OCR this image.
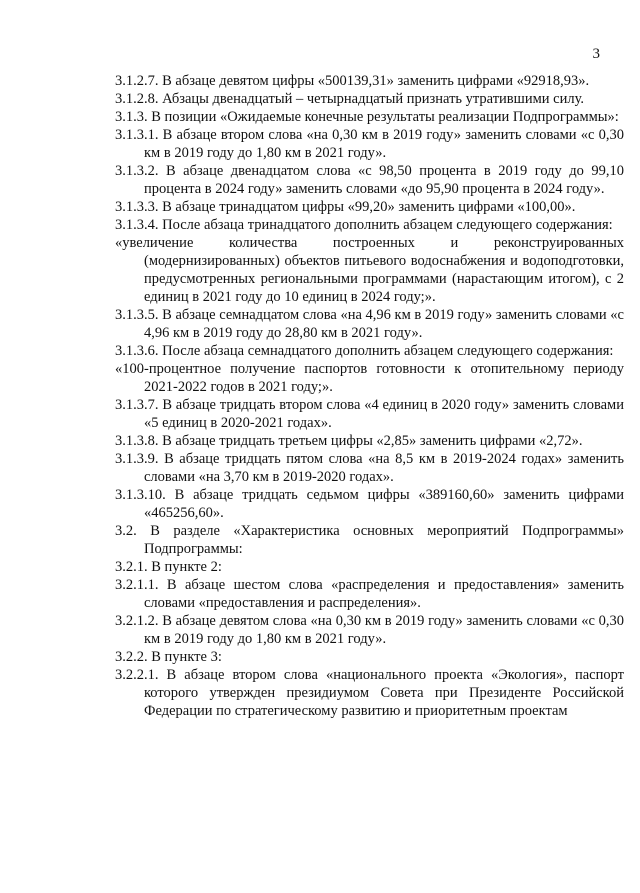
3

3.1.2.7. В абзаце девятом цифры «500139,31» заменить цифрами «92918,93».

3.1.2.8. Абзацы двенадцатый – четырнадцатый признать утратившими силу.

3.1.3. В позиции «Ожидаемые конечные результаты реализации Подпрограммы»:

3.1.3.1. В абзаце втором слова «на 0,30 км в 2019 году» заменить словами «с 0,30 км в 2019 году до 1,80 км в 2021 году».

3.1.3.2. В абзаце двенадцатом слова «с 98,50 процента в 2019 году до 99,10 процента в 2024 году» заменить словами «до 95,90 процента в 2024 году».

3.1.3.3. В абзаце тринадцатом цифры «99,20» заменить цифрами «100,00».

3.1.3.4. После абзаца тринадцатого дополнить абзацем следующего содержания:

«увеличение количества построенных и реконструированных (модернизированных) объектов питьевого водоснабжения и водоподготовки, предусмотренных региональными программами (нарастающим итогом), с 2 единиц в 2021 году до 10 единиц в 2024 году;».

3.1.3.5. В абзаце семнадцатом слова «на 4,96 км в 2019 году» заменить словами «с 4,96 км в 2019 году до 28,80 км в 2021 году».

3.1.3.6. После абзаца семнадцатого дополнить абзацем следующего содержания:

«100-процентное получение паспортов готовности к отопительному периоду 2021-2022 годов в 2021 году;».

3.1.3.7. В абзаце тридцать втором слова «4 единиц в 2020 году» заменить словами «5 единиц в 2020-2021 годах».

3.1.3.8. В абзаце тридцать третьем цифры «2,85» заменить цифрами «2,72».

3.1.3.9. В абзаце тридцать пятом слова «на 8,5 км в 2019-2024 годах» заменить словами «на 3,70 км в 2019-2020 годах».

3.1.3.10. В абзаце тридцать седьмом цифры «389160,60» заменить цифрами «465256,60».

3.2. В разделе «Характеристика основных мероприятий Подпрограммы» Подпрограммы:

3.2.1. В пункте 2:

3.2.1.1. В абзаце шестом слова «распределения и предоставления» заменить словами «предоставления и распределения».

3.2.1.2. В абзаце девятом слова «на 0,30 км в 2019 году» заменить словами «с 0,30 км в 2019 году до 1,80 км в 2021 году».

3.2.2. В пункте 3:

3.2.2.1. В абзаце втором слова «национального проекта «Экология», паспорт которого утвержден президиумом Совета при Президенте Российской Федерации по стратегическому развитию и приоритетным проектам
